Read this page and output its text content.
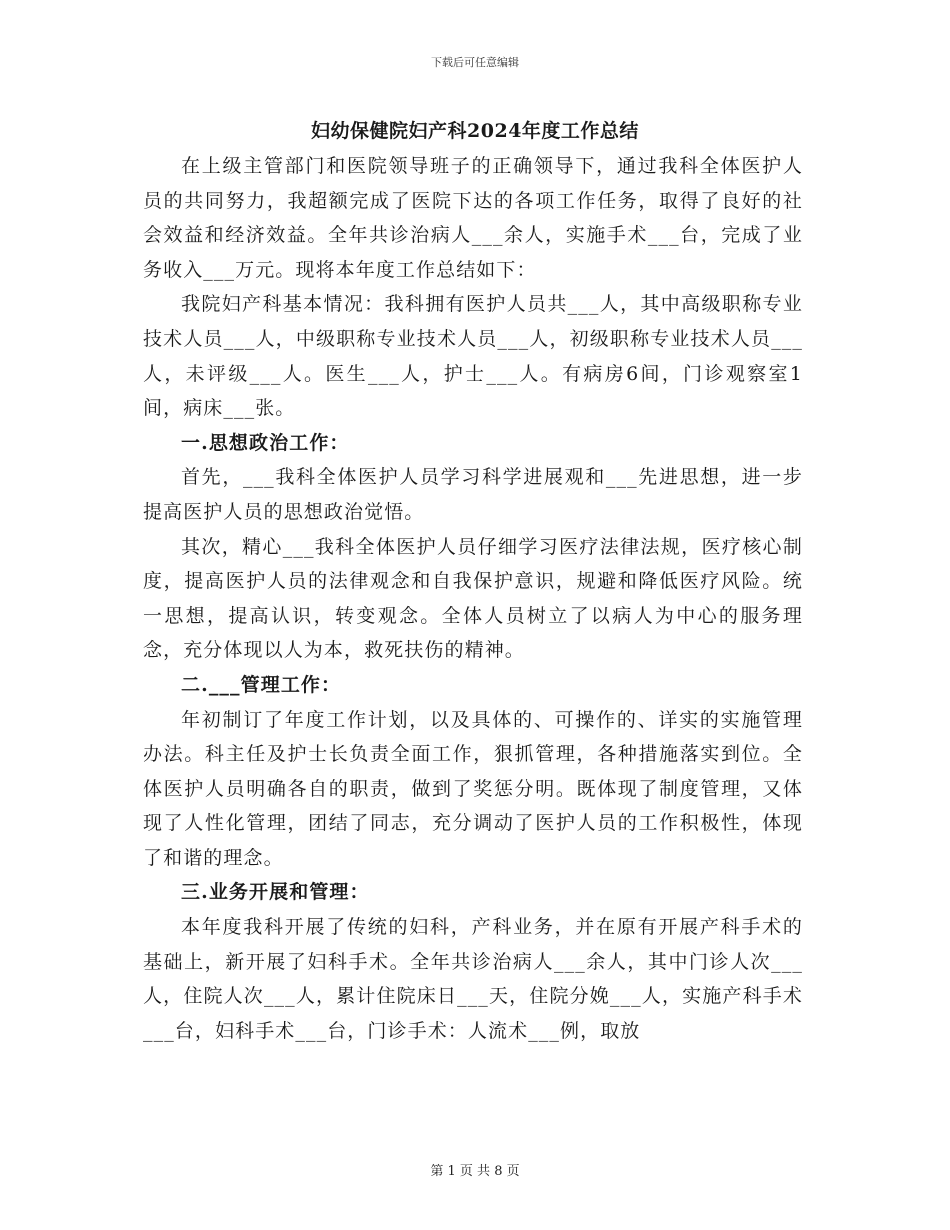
下载后可任意编辑
妇幼保健院妇产科2024年度工作总结

在上级主管部门和医院领导班子的正确领导下，通过我科全体医护人员的共同努力，我超额完成了医院下达的各项工作任务，取得了良好的社会效益和经济效益。全年共诊治病人___余人，实施手术___台，完成了业务收入___万元。现将本年度工作总结如下：

我院妇产科基本情况：我科拥有医护人员共___人，其中高级职称专业技术人员___人，中级职称专业技术人员___人，初级职称专业技术人员___人，未评级___人。医生___人，护士___人。有病房6间，门诊观察室1间，病床___张。

一.思想政治工作：

首先，___我科全体医护人员学习科学进展观和___先进思想，进一步提高医护人员的思想政治觉悟。

其次，精心___我科全体医护人员仔细学习医疗法律法规，医疗核心制度，提高医护人员的法律观念和自我保护意识，规避和降低医疗风险。统一思想，提高认识，转变观念。全体人员树立了以病人为中心的服务理念，充分体现以人为本，救死扶伤的精神。

二.___管理工作：

年初制订了年度工作计划，以及具体的、可操作的、详实的实施管理办法。科主任及护士长负责全面工作，狠抓管理，各种措施落实到位。全体医护人员明确各自的职责，做到了奖惩分明。既体现了制度管理，又体现了人性化管理，团结了同志，充分调动了医护人员的工作积极性，体现了和谐的理念。

三.业务开展和管理：

本年度我科开展了传统的妇科，产科业务，并在原有开展产科手术的基础上，新开展了妇科手术。全年共诊治病人___余人，其中门诊人次___人，住院人次___人，累计住院床日___天，住院分娩___人，实施产科手术___台，妇科手术___台，门诊手术：人流术___例，取放

第 1 页 共 8 页
